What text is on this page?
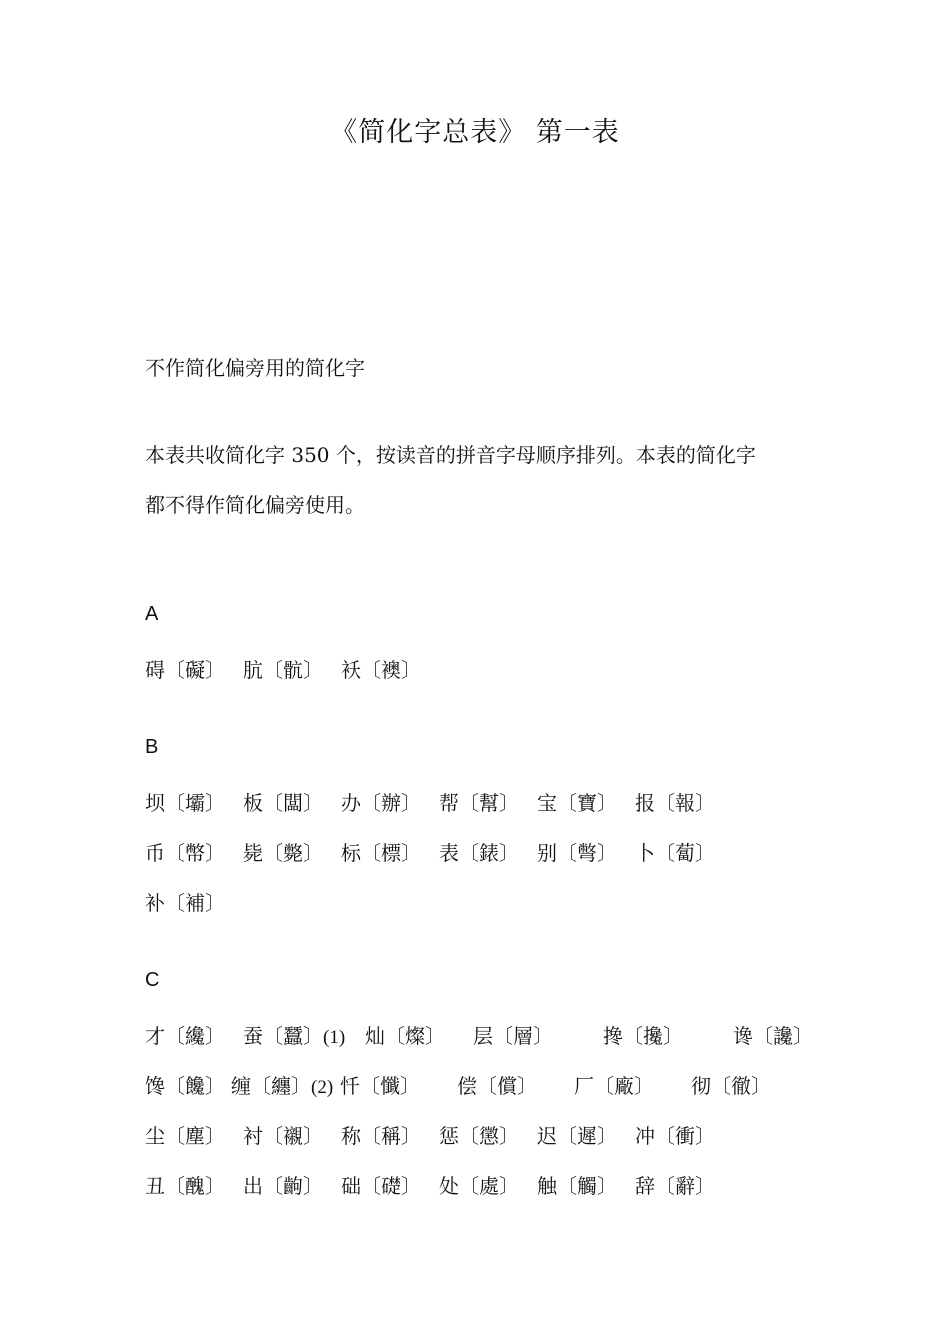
《简化字总表》 第一表
不作简化偏旁用的简化字
本表共收简化字 350 个，按读音的拼音字母顺序排列。本表的简化字
都不得作简化偏旁使用。
A
碍〔礙〕 肮〔骯〕 袄〔襖〕
B
坝〔壩〕 板〔闆〕 办〔辦〕 帮〔幫〕 宝〔寶〕 报〔報〕
币〔幣〕 毙〔斃〕 标〔標〕 表〔錶〕 别〔彆〕 卜〔蔔〕
补〔補〕
C
才〔纔〕 蚕〔蠶〕(1) 灿〔燦〕 层〔層〕	搀〔攙〕	谗〔讒〕
馋〔饞〕 缠〔纏〕(2) 忏〔懺〕 偿〔償〕 厂〔廠〕 彻〔徹〕
尘〔塵〕 衬〔襯〕 称〔稱〕 惩〔懲〕 迟〔遲〕 冲〔衝〕
丑〔醜〕 出〔齣〕 础〔礎〕 处〔處〕 触〔觸〕 辞〔辭〕
